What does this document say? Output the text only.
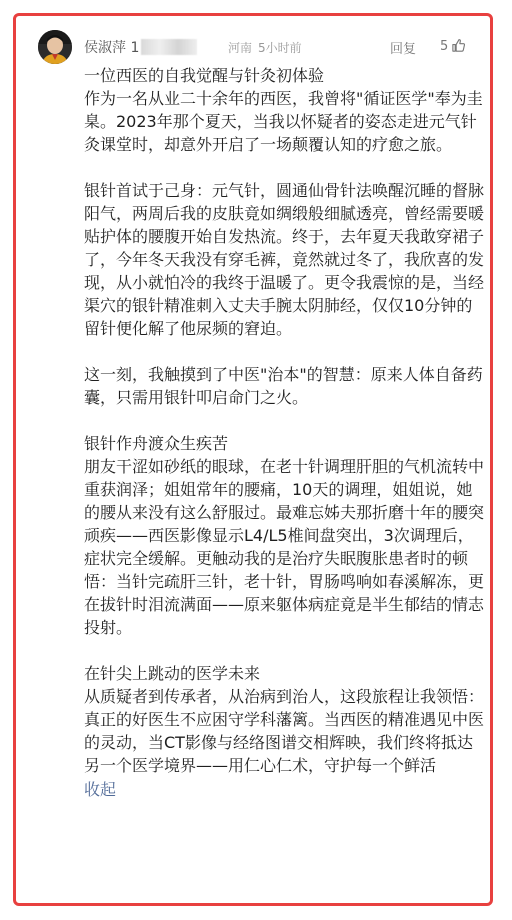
侯淑萍 1	河南 5小时前	回复 5

一位西医的自我觉醒与针灸初体验
作为一名从业二十余年的西医，我曾将"循证医学"奉为圭臬。2023年那个夏天，当我以怀疑者的姿态走进元气针灸课堂时，却意外开启了一场颠覆认知的疗愈之旅。

银针首试于己身：元气针，圆通仙骨针法唤醒沉睡的督脉阳气，两周后我的皮肤竟如绸缎般细腻透亮，曾经需要暖贴护体的腰腹开始自发热流。终于，去年夏天我敢穿裙子了，今年冬天我没有穿毛裤，竟然就过冬了，我欣喜的发现，从小就怕冷的我终于温暖了。更令我震惊的是，当经渠穴的银针精准刺入丈夫手腕太阴肺经，仅仅10分钟的留针便化解了他尿频的窘迫。

这一刻，我触摸到了中医"治本"的智慧：原来人体自备药囊，只需用银针叩启命门之火。

银针作舟渡众生疾苦
朋友干涩如砂纸的眼球，在老十针调理肝胆的气机流转中重获润泽；姐姐常年的腰痛，10天的调理，姐姐说，她的腰从来没有这么舒服过。最难忘姊夫那折磨十年的腰突顽疾——西医影像显示L4/L5椎间盘突出，3次调理后，症状完全缓解。更触动我的是治疗失眠腹胀患者时的顿悟：当针完疏肝三针，老十针，胃肠鸣响如春溪解冻，更在拔针时泪流满面——原来躯体病症竟是半生郁结的情志投射。

在针尖上跳动的医学未来
从质疑者到传承者，从治病到治人，这段旅程让我领悟：真正的好医生不应困守学科藩篱。当西医的精准遇见中医的灵动，当CT影像与经络图谱交相辉映，我们终将抵达另一个医学境界——用仁心仁术，守护每一个鲜活

收起
